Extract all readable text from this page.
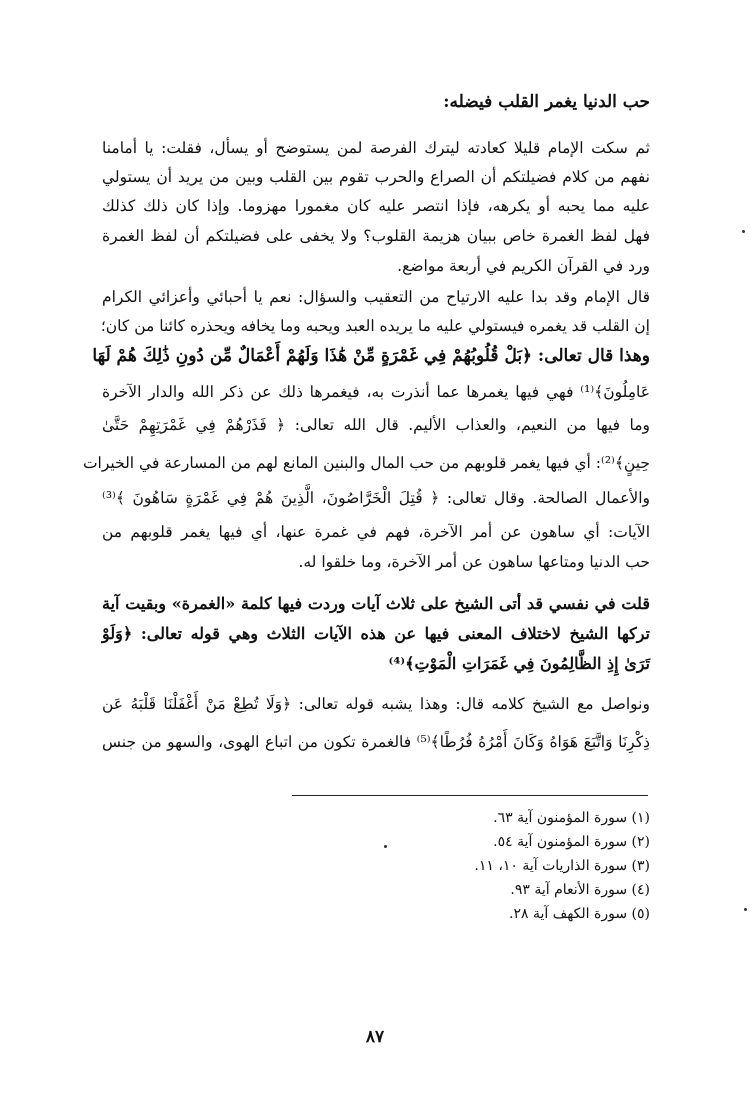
حب الدنيا يغمر القلب فيضله:
ثم سكت الإمام قليلا كعادته ليترك الفرصة لمن يستوضح أو يسأل، فقلت: يا أمامنا
نفهم من كلام فضيلتكم أن الصراع والحرب تقوم بين القلب وبين من يريد أن يستولي
عليه مما يحبه أو يكرهه، فإذا انتصر عليه كان مغمورا مهزوما. وإذا كان ذلك كذلك
فهل لفظ الغمرة خاص ببيان هزيمة القلوب؟ ولا يخفى على فضيلتكم أن لفظ الغمرة
ورد في القرآن الكريم في أربعة مواضع.
قال الإمام وقد بدا عليه الارتياح من التعقيب والسؤال: نعم يا أحبائي وأعزائي الكرام
إن القلب قد يغمره فيستولي عليه ما يريده العبد ويحبه وما يخافه ويحذره كائنا من كان؛
وهذا قال تعالى: ﴿بَلْ قُلُوبُهُمْ فِي غَمْرَةٍ مِّنْ هَٰذَا وَلَهُمْ أَعْمَالٌ مِّن دُونِ ذَٰلِكَ هُمْ لَهَا
عَامِلُونَ﴾⁽¹⁾ فهي فيها يغمرها عما أنذرت به، فيغمرها ذلك عن ذكر الله والدار الآخرة
وما فيها من النعيم، والعذاب الأليم. قال الله تعالى: ﴿ فَذَرْهُمْ فِي غَمْرَتِهِمْ حَتَّىٰ
حِينٍ﴾⁽²⁾: أي فيها يغمر قلوبهم من حب المال والبنين المانع لهم من المسارعة في الخيرات
والأعمال الصالحة. وقال تعالى: ﴿ قُتِلَ الْخَرَّاصُونَ، الَّذِينَ هُمْ فِي غَمْرَةٍ سَاهُونَ ﴾⁽³⁾
الآيات: أي ساهون عن أمر الآخرة، فهم في غمرة عنها، أي فيها يغمر قلوبهم من
حب الدنيا ومتاعها ساهون عن أمر الآخرة، وما خلقوا له.
قلت في نفسي قد أتى الشيخ على ثلاث آيات وردت فيها كلمة «الغمرة» وبقيت آية
تركها الشيخ لاختلاف المعنى فيها عن هذه الآيات الثلاث وهي قوله تعالى: ﴿وَلَوْ
تَرَىٰ إِذِ الظَّالِمُونَ فِي غَمَرَاتِ الْمَوْتِ﴾⁽⁴⁾
ونواصل مع الشيخ كلامه قال: وهذا يشبه قوله تعالى: ﴿وَلَا تُطِعْ مَنْ أَغْفَلْنَا قَلْبَهُ عَن
ذِكْرِنَا وَاتَّبَعَ هَوَاهُ وَكَانَ أَمْرُهُ فُرُطًا﴾⁽⁵⁾ فالغمرة تكون من اتباع الهوى، والسهو من جنس
(١) سورة المؤمنون آية ٦٣.
(٢) سورة المؤمنون آية ٥٤.
(٣) سورة الذاريات آية ١٠، ١١.
(٤) سورة الأنعام آية ٩٣.
(٥) سورة الكهف آية ٢٨.
٨٧
